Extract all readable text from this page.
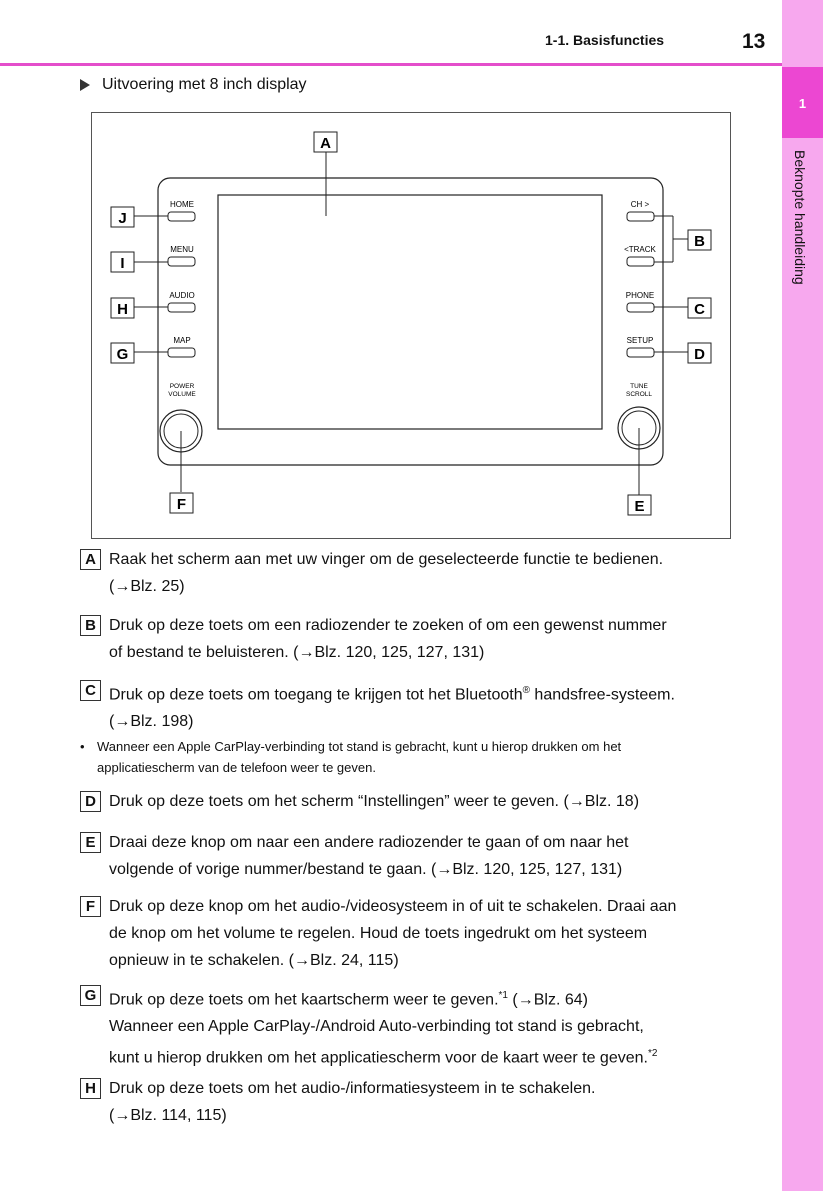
1
Beknopte handleiding
1-1. Basisfuncties	13
Uitvoering met 8 inch display
HOME
MENU
AUDIO
MAP
POWER
VOLUME
CH >
<TRACK
PHONE
SETUP
TUNE
SCROLL
A
J
I
H
G
B
C
D
F	E
A Raak het scherm aan met uw vinger om de geselecteerde functie te bedienen.
(→Blz. 25)
B Druk op deze toets om een radiozender te zoeken of om een gewenst nummer
of bestand te beluisteren. (→Blz. 120, 125, 127, 131)
C Druk op deze toets om toegang te krijgen tot het Bluetooth® handsfree-systeem.
(→Blz. 198)
• Wanneer een Apple CarPlay-verbinding tot stand is gebracht, kunt u hierop drukken om het
applicatiescherm van de telefoon weer te geven.
D Druk op deze toets om het scherm “Instellingen” weer te geven. (→Blz. 18)
E Draai deze knop om naar een andere radiozender te gaan of om naar het
volgende of vorige nummer/bestand te gaan. (→Blz. 120, 125, 127, 131)
F Druk op deze knop om het audio-/videosysteem in of uit te schakelen. Draai aan
de knop om het volume te regelen. Houd de toets ingedrukt om het systeem
opnieuw in te schakelen. (→Blz. 24, 115)
G Druk op deze toets om het kaartscherm weer te geven.$^{*1}$ (→Blz. 64)
Wanneer een Apple CarPlay-/Android Auto-verbinding tot stand is gebracht,
kunt u hierop drukken om het applicatiescherm voor de kaart weer te geven.$^{*2}$
H Druk op deze toets om het audio-/informatiesysteem in te schakelen.
(→Blz. 114, 115)
